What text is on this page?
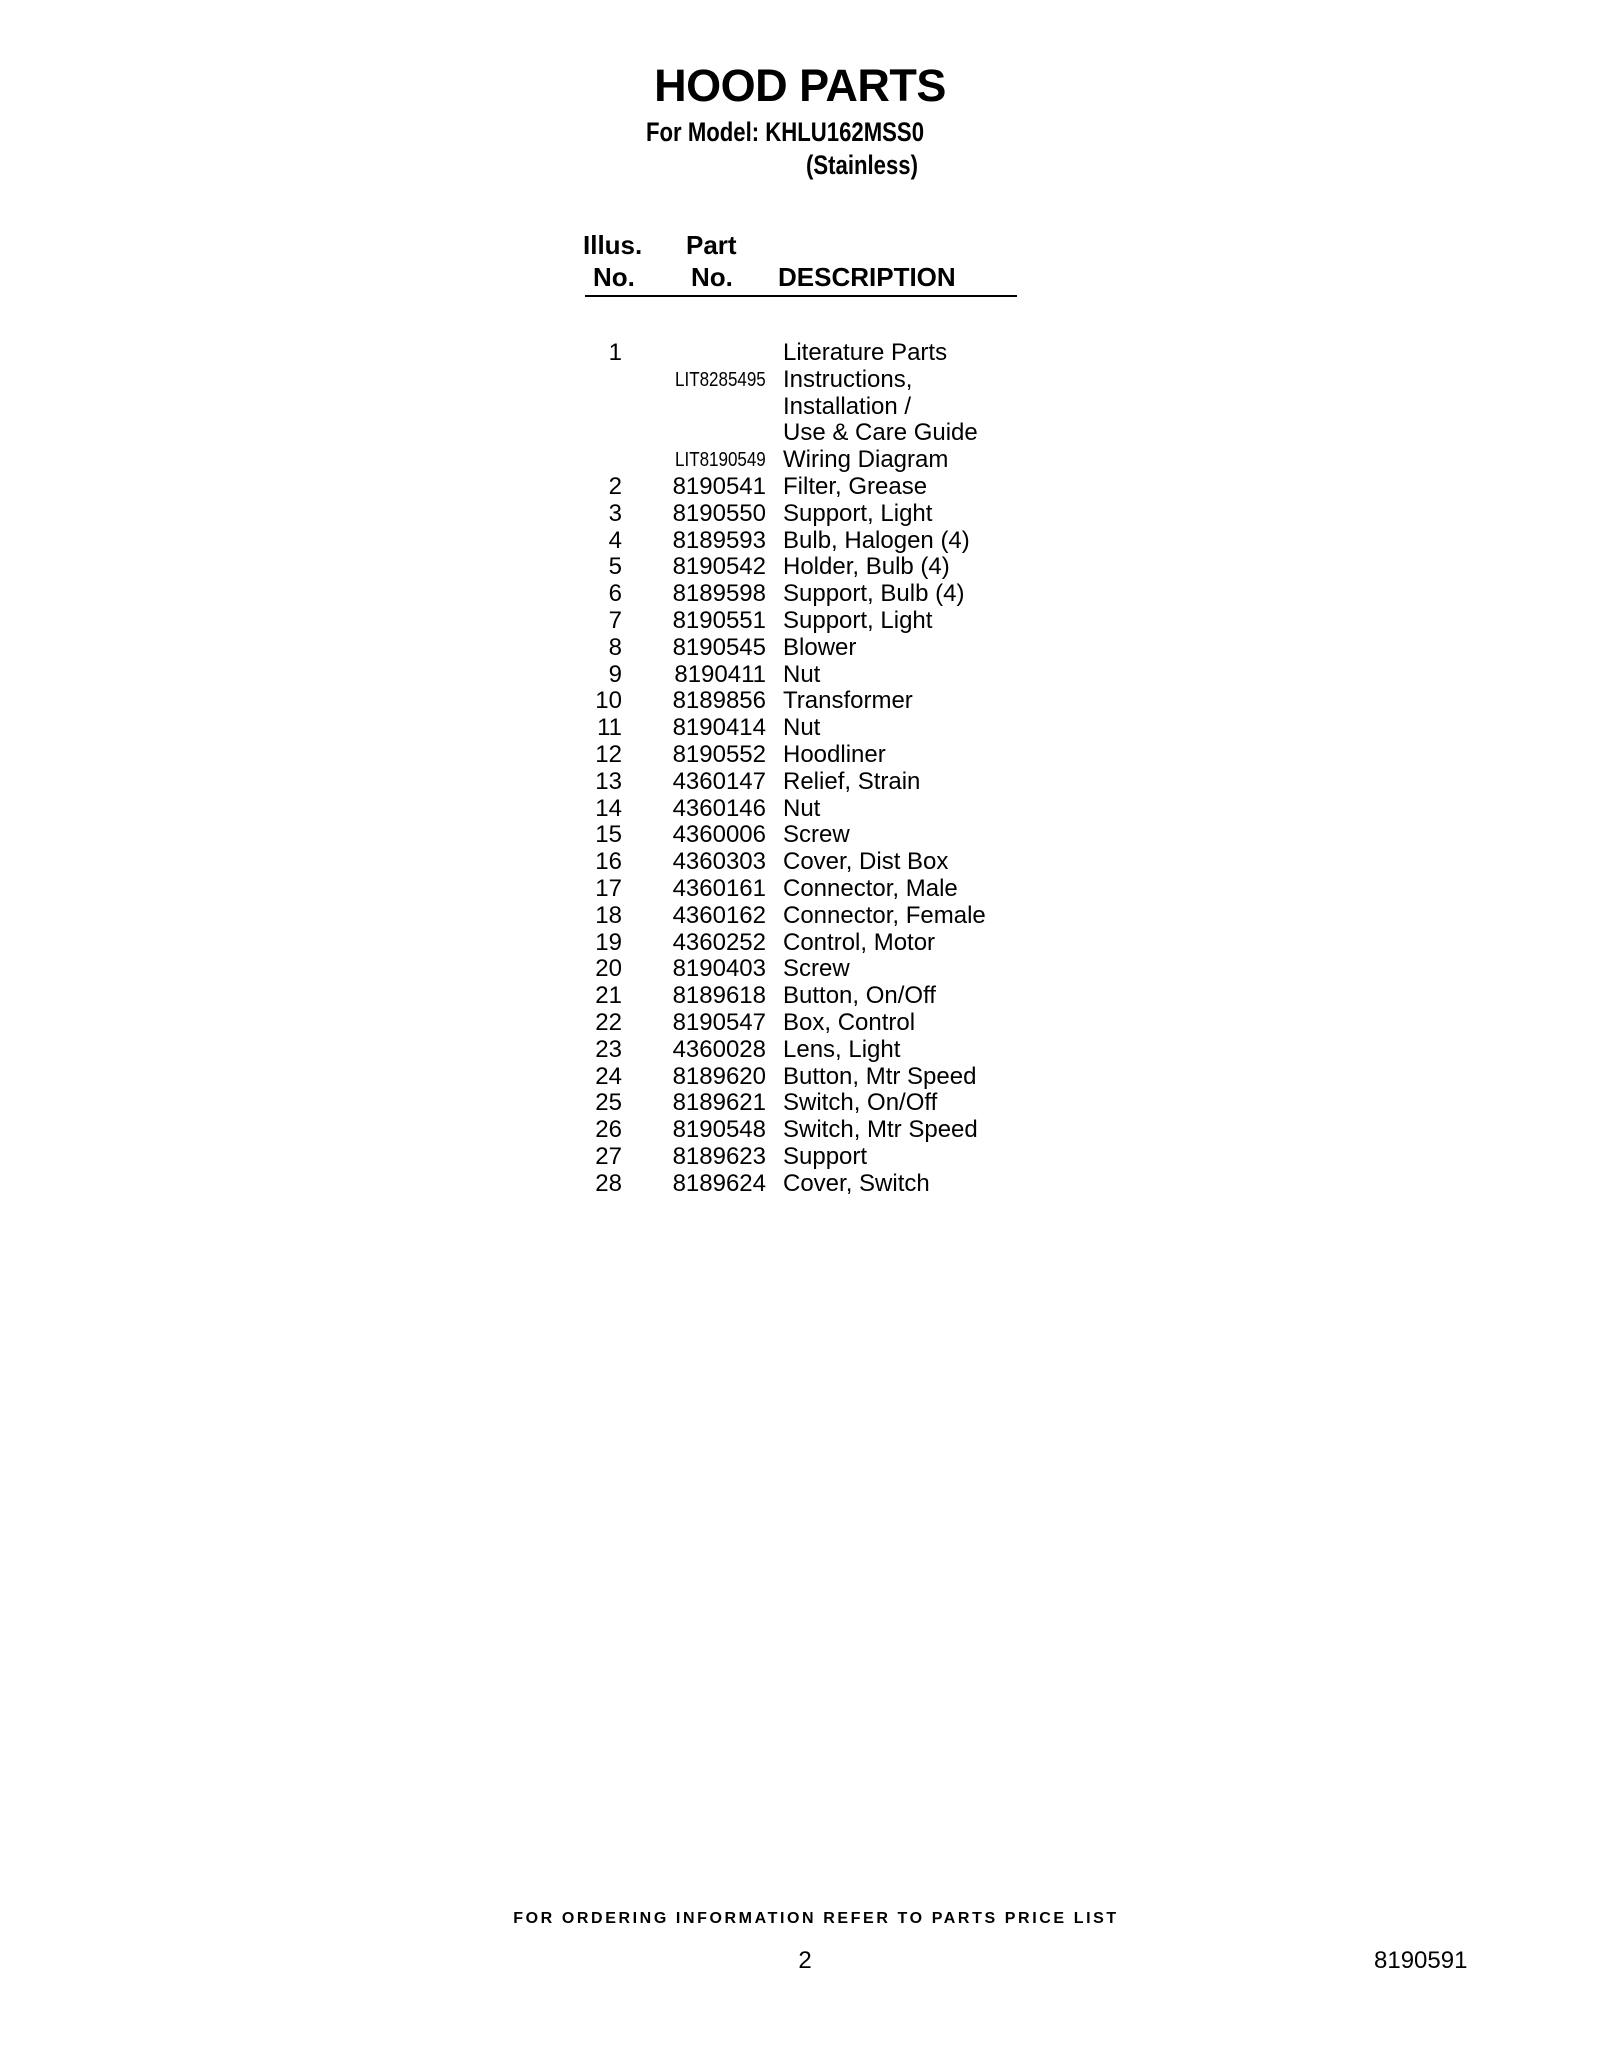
HOOD PARTS
For Model: KHLU162MSS0
(Stainless)
Illus.
No.
Part
No. DESCRIPTION
1	Literature Parts
LIT8285495 Instructions,
Installation /
Use & Care Guide
LIT8190549 Wiring Diagram
2 8190541 Filter, Grease
3 8190550 Support, Light
4 8189593 Bulb, Halogen (4)
5 8190542 Holder, Bulb (4)
6 8189598 Support, Bulb (4)
7 8190551 Support, Light
8 8190545 Blower
9 8190411 Nut
10 8189856 Transformer
11 8190414 Nut
12 8190552 Hoodliner
13 4360147 Relief, Strain
14 4360146 Nut
15 4360006 Screw
16 4360303 Cover, Dist Box
17 4360161 Connector, Male
18 4360162 Connector, Female
19 4360252 Control, Motor
20 8190403 Screw
21 8189618 Button, On/Off
22 8190547 Box, Control
23 4360028 Lens, Light
24 8189620 Button, Mtr Speed
25 8189621 Switch, On/Off
26 8190548 Switch, Mtr Speed
27 8189623 Support
28 8189624 Cover, Switch
FOR ORDERING INFORMATION REFER TO PARTS PRICE LIST
2	8190591
